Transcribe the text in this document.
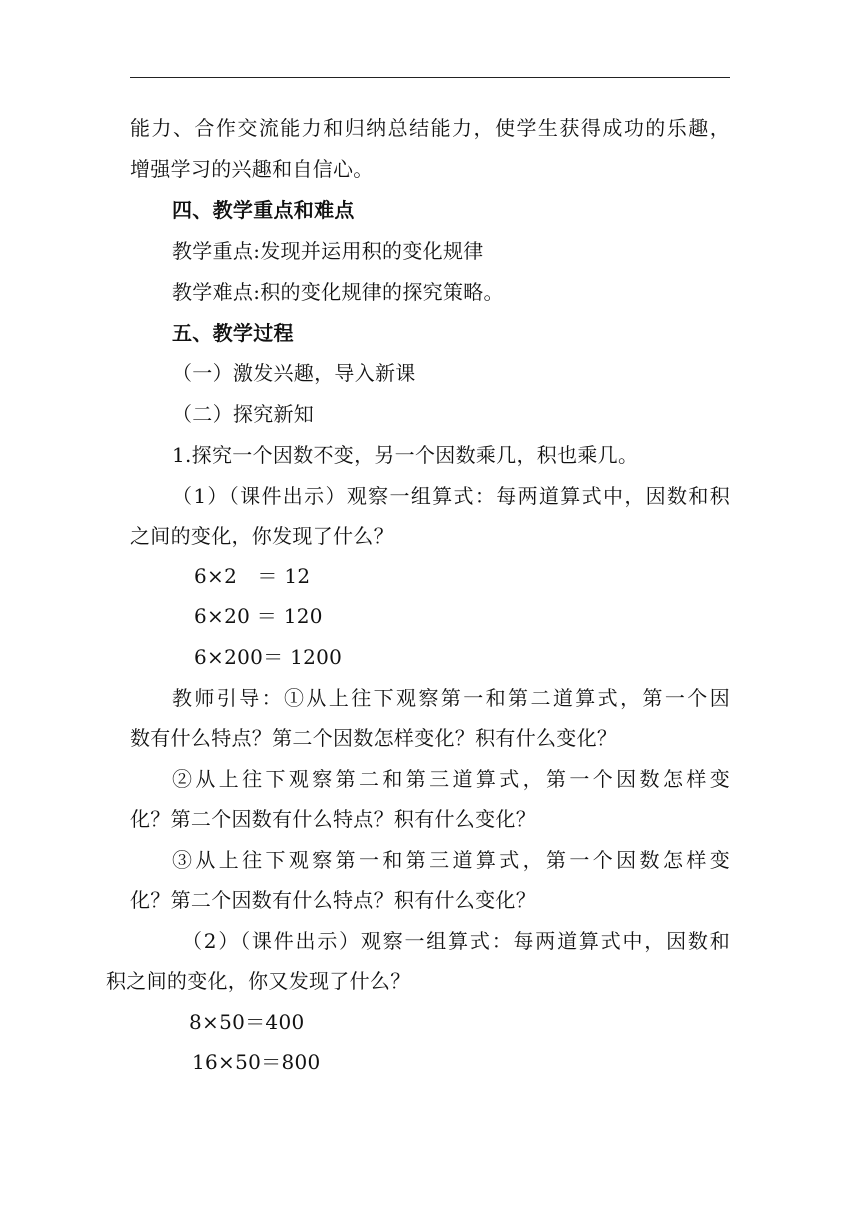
能力、合作交流能力和归纳总结能力，使学生获得成功的乐趣，
增强学习的兴趣和自信心。
四、教学重点和难点
教学重点:发现并运用积的变化规律
教学难点:积的变化规律的探究策略。
五、教学过程
（一）激发兴趣，导入新课
（二）探究新知
1.探究一个因数不变，另一个因数乘几，积也乘几。
（1）（课件出示）观察一组算式：每两道算式中，因数和积
之间的变化，你发现了什么？
6×2　＝ 12
6×20 ＝ 120
6×200＝ 1200
教师引导：①从上往下观察第一和第二道算式，第一个因
数有什么特点？第二个因数怎样变化？积有什么变化？
②从上往下观察第二和第三道算式，第一个因数怎样变
化？第二个因数有什么特点？积有什么变化？
③从上往下观察第一和第三道算式，第一个因数怎样变
化？第二个因数有什么特点？积有什么变化？
（2）（课件出示）观察一组算式：每两道算式中，因数和
积之间的变化，你又发现了什么？
8×50＝400
16×50＝800
